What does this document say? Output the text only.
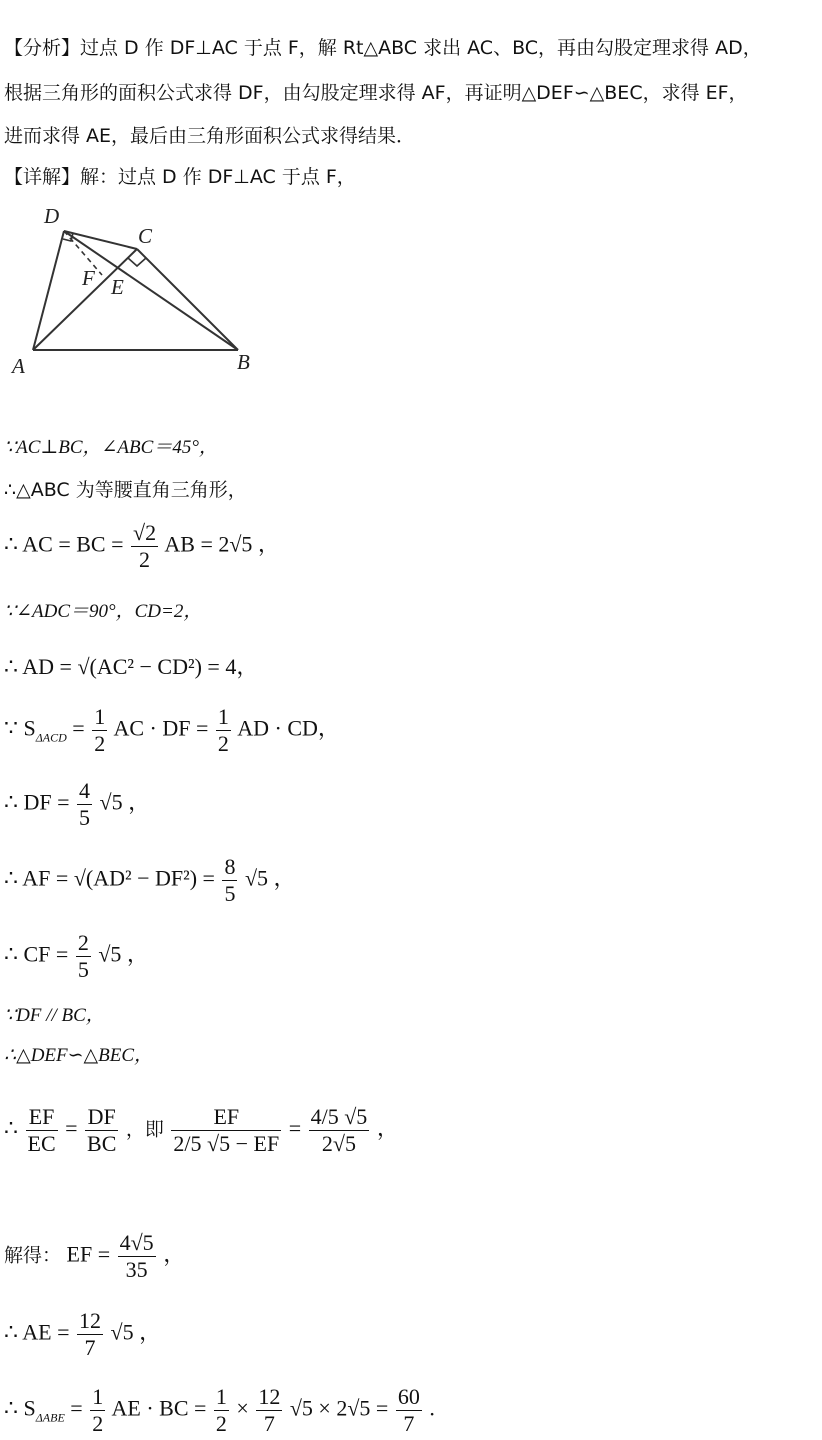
【分析】过点 D 作 DF⊥AC 于点 F，解 Rt△ABC 求出 AC、BC，再由勾股定理求得 AD，
根据三角形的面积公式求得 DF，由勾股定理求得 AF，再证明△DEF∽△BEC，求得 EF，
进而求得 AE，最后由三角形面积公式求得结果．
【详解】解：过点 D 作 DF⊥AC 于点 F，
D
C
F E
A	B
∵AC⊥BC，∠ABC＝45°，
∴△ABC 为等腰直角三角形，
∴ AC = BC = $\frac{√2}{2}$ AB = 2√5 ，
∵∠ADC＝90°，CD=2，
∴ AD = √(AC² − CD²) = 4，
∵ $S_{\Delta ACD} = \frac{1}{2}$ AC · DF = $\frac{1}{2}$ AD · CD，
∴ DF = $\frac{4}{5} √5$ ，
∴ AF = $√(AD^2 - DF^2) = \frac{8}{5} √5$ ，
∴ CF = $\frac{2}{5} √5$ ，
∵DF // BC，
∴△DEF∽△BEC，
∴ $\frac{EF}{EC} = \frac{DF}{BC}$ ，即 $\frac{EF}{2/5 √5 - EF} = \frac{4/5 √5}{2√5}$ ，
解得： EF = $\frac{4√5}{35}$ ，
∴ AE = $\frac{12}{7} √5$ ，
∴ $S_{\Delta ABE} = \frac{1}{2}$ AE · BC = $\frac{1}{2} \times \frac{12}{7} √5 \times 2√5 = \frac{60}{7}$ .
